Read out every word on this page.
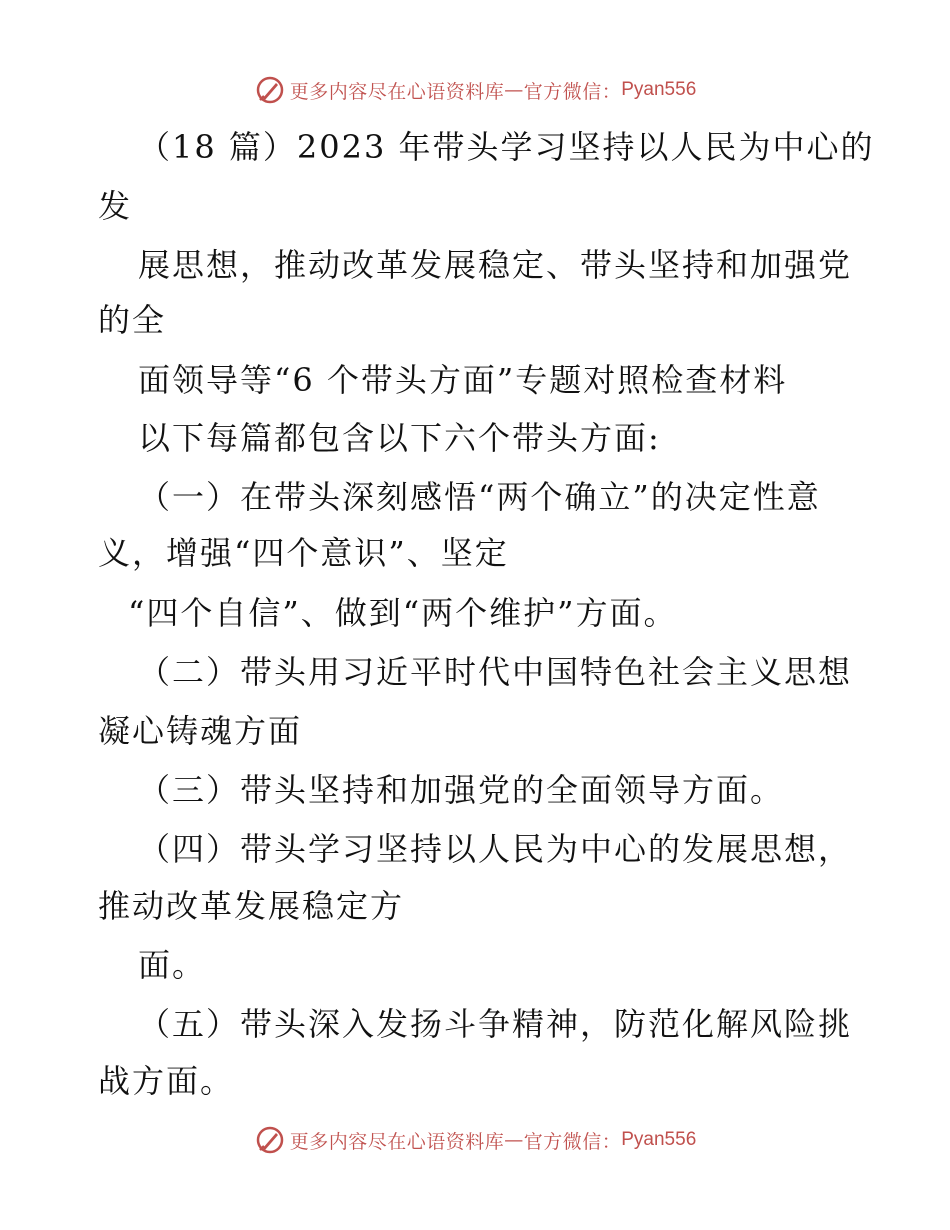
更多内容尽在心语资料库 — 官方微信： Pyan556
（18 篇）2023 年带头学习坚持以人民为中心的
发
展思想，推动改革发展稳定、带头坚持和加强党
的全
面领导等“6 个带头方面”专题对照检查材料
以下每篇都包含以下六个带头方面:
（一）在带头深刻感悟“两个确立”的决定性意
义，增强“四个意识”、坚定
“四个自信”、做到“两个维护”方面。
（二）带头用习近平时代中国特色社会主义思想
凝心铸魂方面
（三）带头坚持和加强党的全面领导方面。
（四）带头学习坚持以人民为中心的发展思想，
推动改革发展稳定方
面。
（五）带头深入发扬斗争精神，防范化解风险挑
战方面。
更多内容尽在心语资料库 — 官方微信： Pyan556
